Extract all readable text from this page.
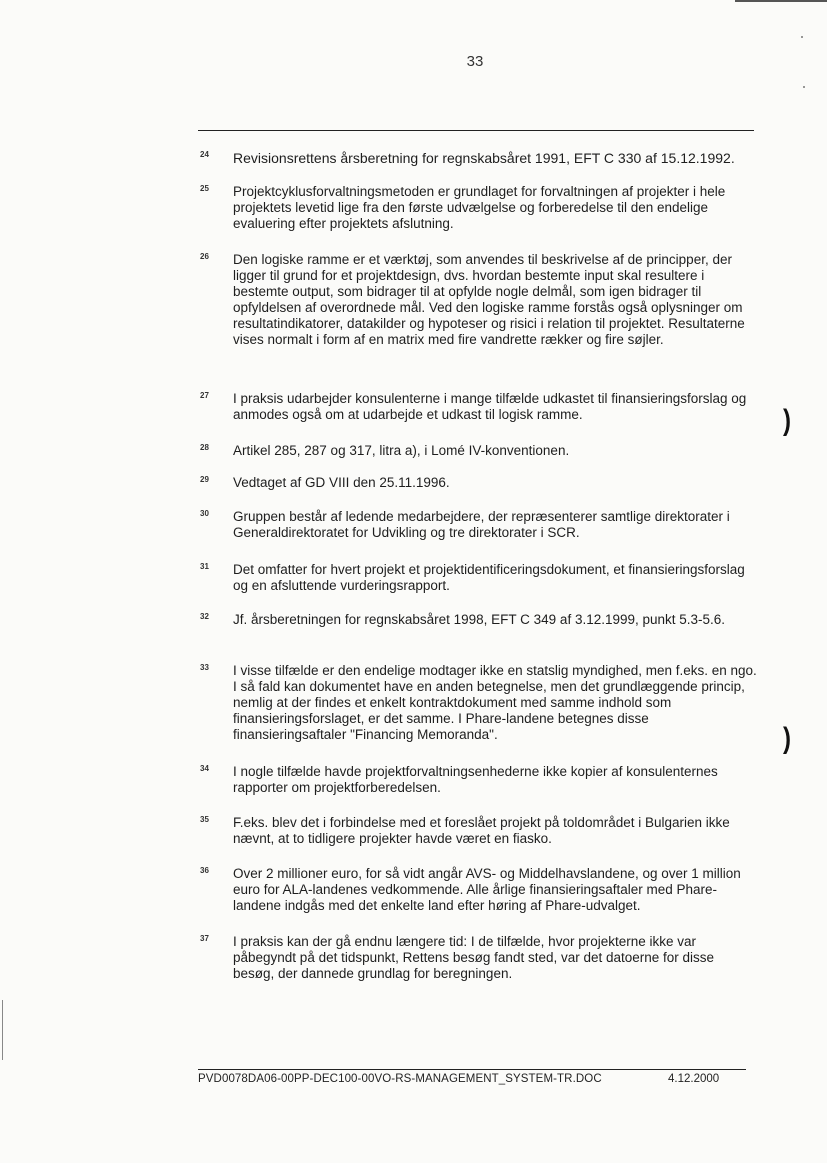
33
24 Revisionsrettens årsberetning for regnskabsåret 1991, EFT C 330 af 15.12.1992.
25 Projektcyklusforvaltningsmetoden er grundlaget for forvaltningen af projekter i hele projektets levetid lige fra den første udvælgelse og forberedelse til den endelige evaluering efter projektets afslutning.
26 Den logiske ramme er et værktøj, som anvendes til beskrivelse af de principper, der ligger til grund for et projektdesign, dvs. hvordan bestemte input skal resultere i bestemte output, som bidrager til at opfylde nogle delmål, som igen bidrager til opfyldelsen af overordnede mål. Ved den logiske ramme forstås også oplysninger om resultatindikatorer, datakilder og hypoteser og risici i relation til projektet. Resultaterne vises normalt i form af en matrix med fire vandrette rækker og fire søjler.
27 I praksis udarbejder konsulenterne i mange tilfælde udkastet til finansieringsforslag og anmodes også om at udarbejde et udkast til logisk ramme.
28 Artikel 285, 287 og 317, litra a), i Lomé IV-konventionen.
29 Vedtaget af GD VIII den 25.11.1996.
30 Gruppen består af ledende medarbejdere, der repræsenterer samtlige direktorater i Generaldirektoratet for Udvikling og tre direktorater i SCR.
31 Det omfatter for hvert projekt et projektidentificeringsdokument, et finansieringsforslag og en afsluttende vurderingsrapport.
32 Jf. årsberetningen for regnskabsåret 1998, EFT C 349 af 3.12.1999, punkt 5.3-5.6.
33 I visse tilfælde er den endelige modtager ikke en statslig myndighed, men f.eks. en ngo. I så fald kan dokumentet have en anden betegnelse, men det grundlæggende princip, nemlig at der findes et enkelt kontraktdokument med samme indhold som finansieringsforslaget, er det samme. I Phare-landene betegnes disse finansieringsaftaler "Financing Memoranda".
34 I nogle tilfælde havde projektforvaltningsenhederne ikke kopier af konsulenternes rapporter om projektforberedelsen.
35 F.eks. blev det i forbindelse med et foreslået projekt på toldområdet i Bulgarien ikke nævnt, at to tidligere projekter havde været en fiasko.
36 Over 2 millioner euro, for så vidt angår AVS- og Middelhavslandene, og over 1 million euro for ALA-landenes vedkommende. Alle årlige finansieringsaftaler med Phare-landene indgås med det enkelte land efter høring af Phare-udvalget.
37 I praksis kan der gå endnu længere tid: I de tilfælde, hvor projekterne ikke var påbegyndt på det tidspunkt, Rettens besøg fandt sted, var det datoerne for disse besøg, der dannede grundlag for beregningen.
)
)
PVD0078DA06-00PP-DEC100-00VO-RS-MANAGEMENT_SYSTEM-TR.DOC	4.12.2000
